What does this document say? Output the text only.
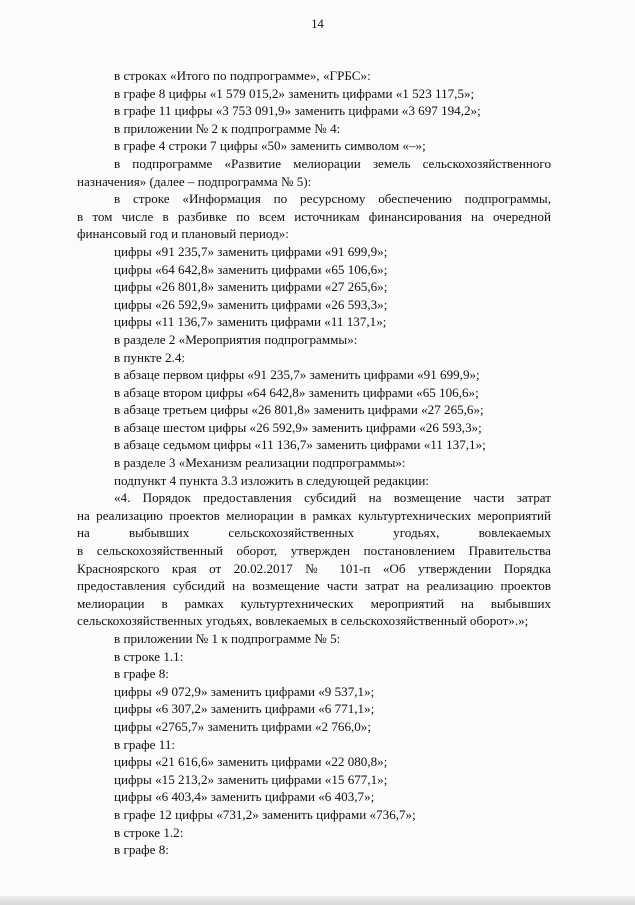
14
в строках «Итого по подпрограмме», «ГРБС»:
в графе 8 цифры «1 579 015,2» заменить цифрами «1 523 117,5»;
в графе 11 цифры «3 753 091,9» заменить цифрами «3 697 194,2»;
в приложении № 2 к подпрограмме № 4:
в графе 4 строки 7 цифры «50» заменить символом «–»;
в подпрограмме «Развитие мелиорации земель сельскохозяйственного
назначения» (далее – подпрограмма № 5):
в строке «Информация по ресурсному обеспечению подпрограммы,
в том числе в разбивке по всем источникам финансирования на очередной
финансовый год и плановый период»:
цифры «91 235,7» заменить цифрами «91 699,9»;
цифры «64 642,8» заменить цифрами «65 106,6»;
цифры «26 801,8» заменить цифрами «27 265,6»;
цифры «26 592,9» заменить цифрами «26 593,3»;
цифры «11 136,7» заменить цифрами «11 137,1»;
в разделе 2 «Мероприятия подпрограммы»:
в пункте 2.4:
в абзаце первом цифры «91 235,7» заменить цифрами «91 699,9»;
в абзаце втором цифры «64 642,8» заменить цифрами «65 106,6»;
в абзаце третьем цифры «26 801,8» заменить цифрами «27 265,6»;
в абзаце шестом цифры «26 592,9» заменить цифрами «26 593,3»;
в абзаце седьмом цифры «11 136,7» заменить цифрами «11 137,1»;
в разделе 3 «Механизм реализации подпрограммы»:
подпункт 4 пункта 3.3 изложить в следующей редакции:
«4. Порядок предоставления субсидий на возмещение части затрат
на реализацию проектов мелиорации в рамках культуртехнических мероприятий
на выбывших сельскохозяйственных угодьях, вовлекаемых
в сельскохозяйственный оборот, утвержден постановлением Правительства
Красноярского края от 20.02.2017 № 101-п «Об утверждении Порядка
предоставления субсидий на возмещение части затрат на реализацию проектов
мелиорации в рамках культуртехнических мероприятий на выбывших
сельскохозяйственных угодьях, вовлекаемых в сельскохозяйственный оборот».»;
в приложении № 1 к подпрограмме № 5:
в строке 1.1:
в графе 8:
цифры «9 072,9» заменить цифрами «9 537,1»;
цифры «6 307,2» заменить цифрами «6 771,1»;
цифры «2765,7» заменить цифрами «2 766,0»;
в графе 11:
цифры «21 616,6» заменить цифрами «22 080,8»;
цифры «15 213,2» заменить цифрами «15 677,1»;
цифры «6 403,4» заменить цифрами «6 403,7»;
в графе 12 цифры «731,2» заменить цифрами «736,7»;
в строке 1.2:
в графе 8:
